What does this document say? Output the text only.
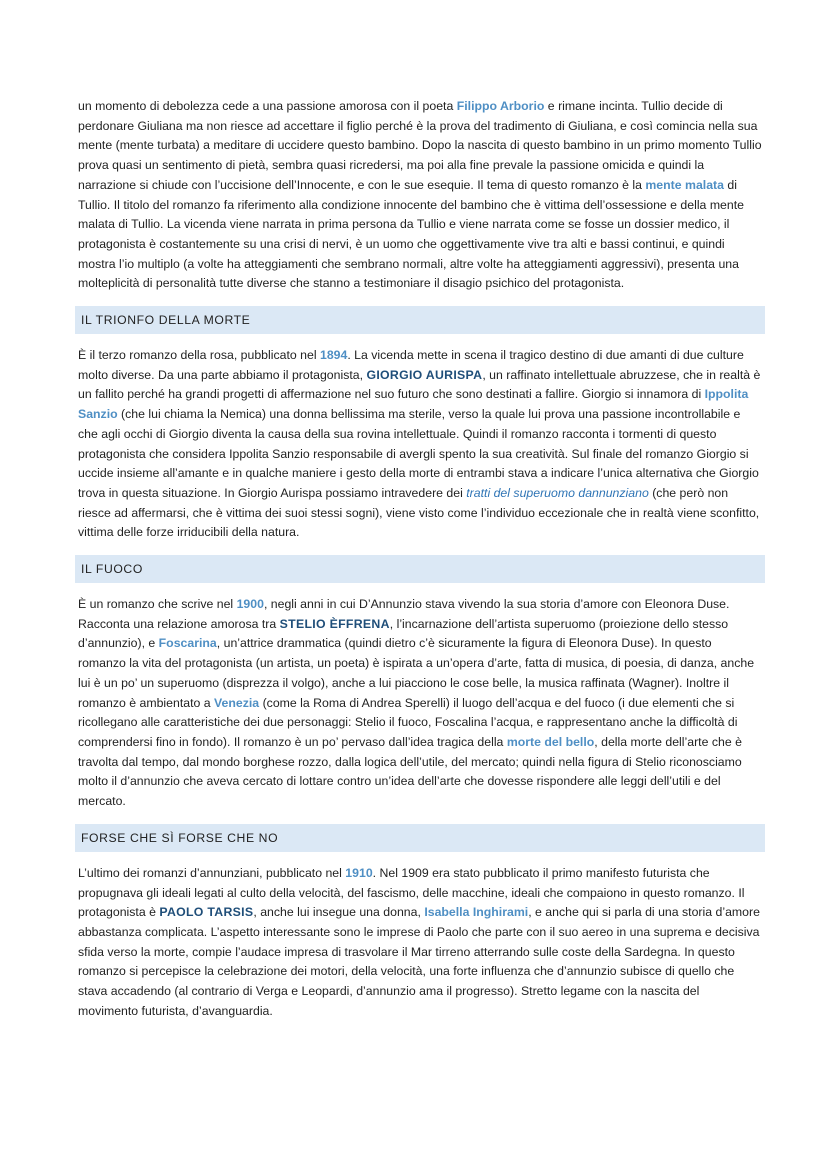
un momento di debolezza cede a una passione amorosa con il poeta Filippo Arborio e rimane incinta. Tullio decide di perdonare Giuliana ma non riesce ad accettare il figlio perché è la prova del tradimento di Giuliana, e così comincia nella sua mente (mente turbata) a meditare di uccidere questo bambino. Dopo la nascita di questo bambino in un primo momento Tullio prova quasi un sentimento di pietà, sembra quasi ricredersi, ma poi alla fine prevale la passione omicida e quindi la narrazione si chiude con l’uccisione dell’Innocente, e con le sue esequie. Il tema di questo romanzo è la mente malata di Tullio. Il titolo del romanzo fa riferimento alla condizione innocente del bambino che è vittima dell’ossessione e della mente malata di Tullio. La vicenda viene narrata in prima persona da Tullio e viene narrata come se fosse un dossier medico, il protagonista è costantemente su una crisi di nervi, è un uomo che oggettivamente vive tra alti e bassi continui, e quindi mostra l’io multiplo (a volte ha atteggiamenti che sembrano normali, altre volte ha atteggiamenti aggressivi), presenta una molteplicità di personalità tutte diverse che stanno a testimoniare il disagio psichico del protagonista.

IL TRIONFO DELLA MORTE

È il terzo romanzo della rosa, pubblicato nel 1894. La vicenda mette in scena il tragico destino di due amanti di due culture molto diverse. Da una parte abbiamo il protagonista, GIORGIO AURISPA, un raffinato intellettuale abruzzese, che in realtà è un fallito perché ha grandi progetti di affermazione nel suo futuro che sono destinati a fallire. Giorgio si innamora di Ippolita Sanzio (che lui chiama la Nemica) una donna bellissima ma sterile, verso la quale lui prova una passione incontrollabile e che agli occhi di Giorgio diventa la causa della sua rovina intellettuale. Quindi il romanzo racconta i tormenti di questo protagonista che considera Ippolita Sanzio responsabile di avergli spento la sua creatività. Sul finale del romanzo Giorgio si uccide insieme all’amante e in qualche maniere i gesto della morte di entrambi stava a indicare l’unica alternativa che Giorgio trova in questa situazione. In Giorgio Aurispa possiamo intravedere dei tratti del superuomo dannunziano (che però non riesce ad affermarsi, che è vittima dei suoi stessi sogni), viene visto come l’individuo eccezionale che in realtà viene sconfitto, vittima delle forze irriducibili della natura.

IL FUOCO

È un romanzo che scrive nel 1900, negli anni in cui D’Annunzio stava vivendo la sua storia d’amore con Eleonora Duse. Racconta una relazione amorosa tra STELIO ÈFFRENA, l’incarnazione dell’artista superuomo (proiezione dello stesso d’annunzio), e Foscarina, un’attrice drammatica (quindi dietro c’è sicuramente la figura di Eleonora Duse). In questo romanzo la vita del protagonista (un artista, un poeta) è ispirata a un’opera d’arte, fatta di musica, di poesia, di danza, anche lui è un po’ un superuomo (disprezza il volgo), anche a lui piacciono le cose belle, la musica raffinata (Wagner). Inoltre il romanzo è ambientato a Venezia (come la Roma di Andrea Sperelli) il luogo dell’acqua e del fuoco (i due elementi che si ricollegano alle caratteristiche dei due personaggi: Stelio il fuoco, Foscalina l’acqua, e rappresentano anche la difficoltà di comprendersi fino in fondo). Il romanzo è un po’ pervaso dall’idea tragica della morte del bello, della morte dell’arte che è travolta dal tempo, dal mondo borghese rozzo, dalla logica dell’utile, del mercato; quindi nella figura di Stelio riconosciamo molto il d’annunzio che aveva cercato di lottare contro un’idea dell’arte che dovesse rispondere alle leggi dell’utili e del mercato.

FORSE CHE SÌ FORSE CHE NO

L’ultimo dei romanzi d’annunziani, pubblicato nel 1910. Nel 1909 era stato pubblicato il primo manifesto futurista che propugnava gli ideali legati al culto della velocità, del fascismo, delle macchine, ideali che compaiono in questo romanzo. Il protagonista è PAOLO TARSIS, anche lui insegue una donna, Isabella Inghirami, e anche qui si parla di una storia d’amore abbastanza complicata. L’aspetto interessante sono le imprese di Paolo che parte con il suo aereo in una suprema e decisiva sfida verso la morte, compie l’audace impresa di trasvolare il Mar tirreno atterrando sulle coste della Sardegna. In questo romanzo si percepisce la celebrazione dei motori, della velocità, una forte influenza che d’annunzio subisce di quello che stava accadendo (al contrario di Verga e Leopardi, d’annunzio ama il progresso). Stretto legame con la nascita del movimento futurista, d’avanguardia.
